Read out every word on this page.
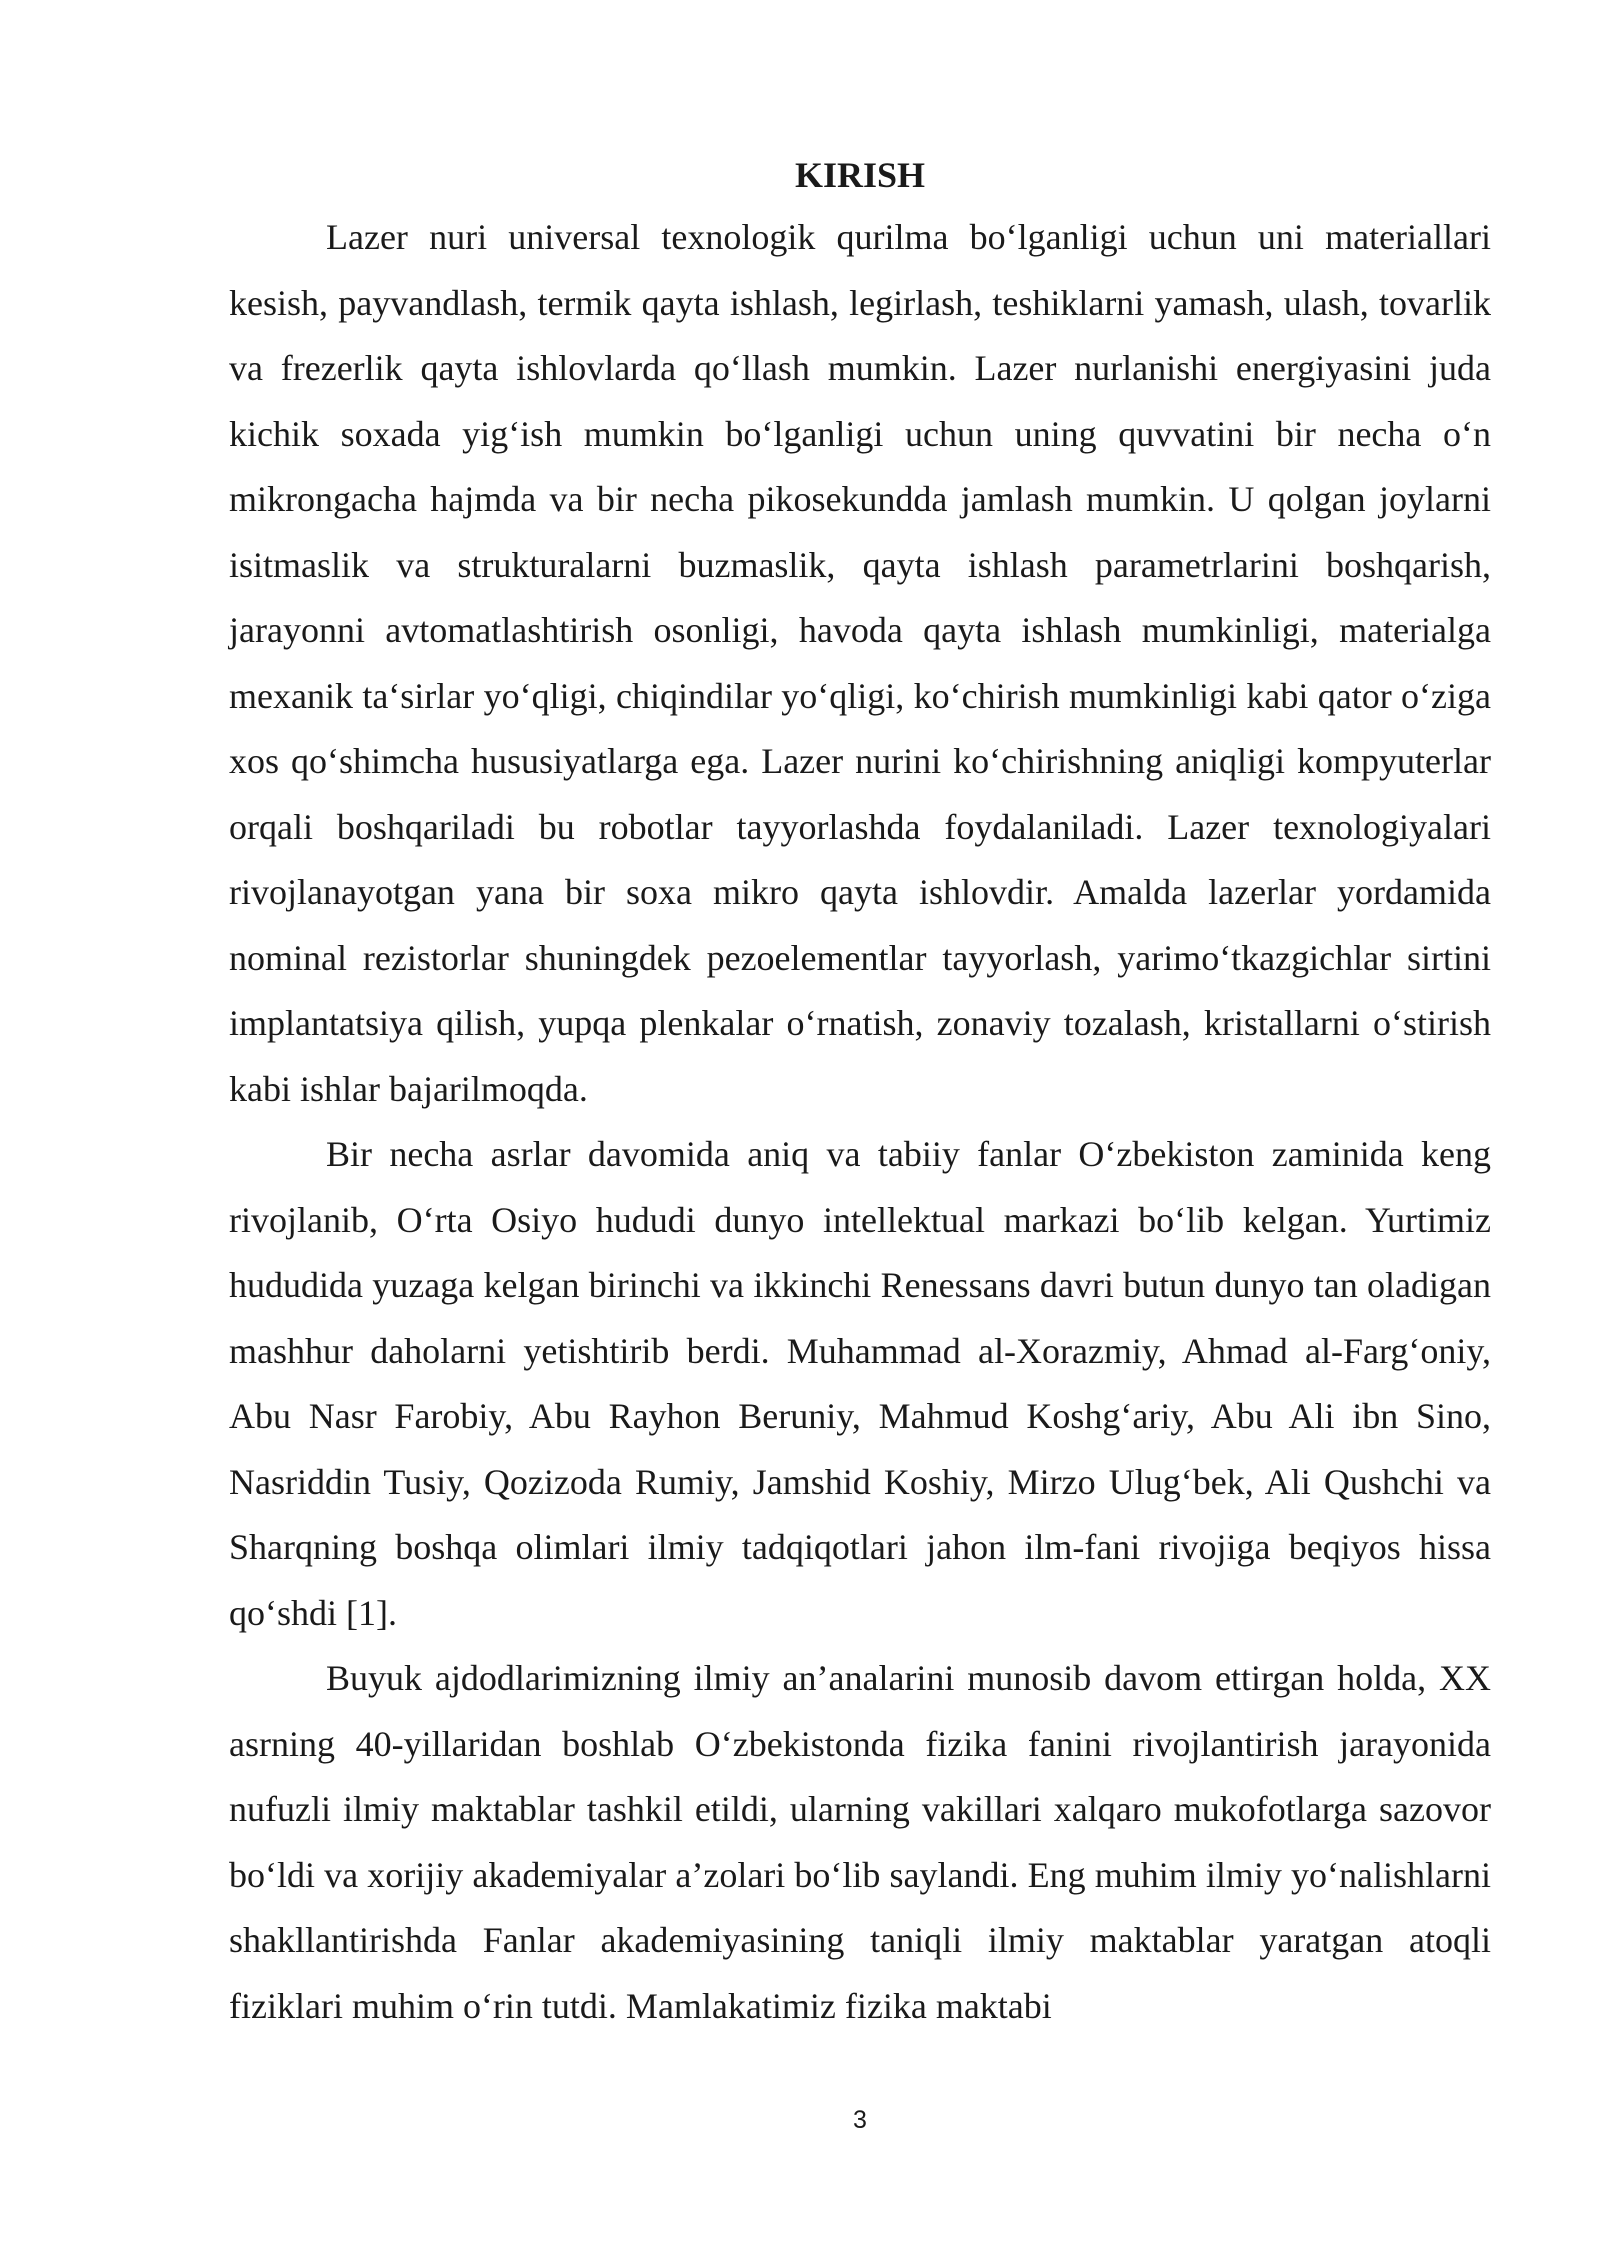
KIRISH

Lazer nuri universal texnologik qurilma bo‘lganligi uchun uni materiallari kesish, payvandlash, termik qayta ishlash, legirlash, teshiklarni yamash, ulash, tovarlik va frezerlik qayta ishlovlarda qo‘llash mumkin. Lazer nurlanishi energiyasini juda kichik soxada yig‘ish mumkin bo‘lganligi uchun uning quvvatini bir necha o‘n mikrongacha hajmda va bir necha pikosekundda jamlash mumkin. U qolgan joylarni isitmaslik va strukturalarni buzmaslik, qayta ishlash parametrlarini boshqarish, jarayonni avtomatlashtirish osonligi, havoda qayta ishlash mumkinligi, materialga mexanik ta‘sirlar yo‘qligi, chiqindilar yo‘qligi, ko‘chirish mumkinligi kabi qator o‘ziga xos qo‘shimcha hususiyatlarga ega. Lazer nurini ko‘chirishning aniqligi kompyuterlar orqali boshqariladi bu robotlar tayyorlashda foydalaniladi. Lazer texnologiyalari rivojlanayotgan yana bir soxa mikro qayta ishlovdir. Amalda lazerlar yordamida nominal rezistorlar shuningdek pezoelementlar tayyorlash, yarimo‘tkazgichlar sirtini implantatsiya qilish, yupqa plenkalar o‘rnatish, zonaviy tozalash, kristallarni o‘stirish kabi ishlar bajarilmoqda.

Bir necha asrlar davomida aniq va tabiiy fanlar O‘zbekiston zaminida keng rivojlanib, O‘rta Osiyo hududi dunyo intellektual markazi bo‘lib kelgan. Yurtimiz hududida yuzaga kelgan birinchi va ikkinchi Renessans davri butun dunyo tan oladigan mashhur daholarni yetishtirib berdi. Muhammad al-Xorazmiy, Ahmad al-Farg‘oniy, Abu Nasr Farobiy, Abu Rayhon Beruniy, Mahmud Koshg‘ariy, Abu Ali ibn Sino, Nasriddin Tusiy, Qozizoda Rumiy, Jamshid Koshiy, Mirzo Ulug‘bek, Ali Qushchi va Sharqning boshqa olimlari ilmiy tadqiqotlari jahon ilm-fani rivojiga beqiyos hissa qo‘shdi [1].

Buyuk ajdodlarimizning ilmiy an’analarini munosib davom ettirgan holda, XX asrning 40-yillaridan boshlab O‘zbekistonda fizika fanini rivojlantirish jarayonida nufuzli ilmiy maktablar tashkil etildi, ularning vakillari xalqaro mukofotlarga sazovor bo‘ldi va xorijiy akademiyalar a’zolari bo‘lib saylandi. Eng muhim ilmiy yo‘nalishlarni shakllantirishda Fanlar akademiyasining taniqli ilmiy maktablar yaratgan atoqli fiziklari muhim o‘rin tutdi. Mamlakatimiz fizika maktabi

3
